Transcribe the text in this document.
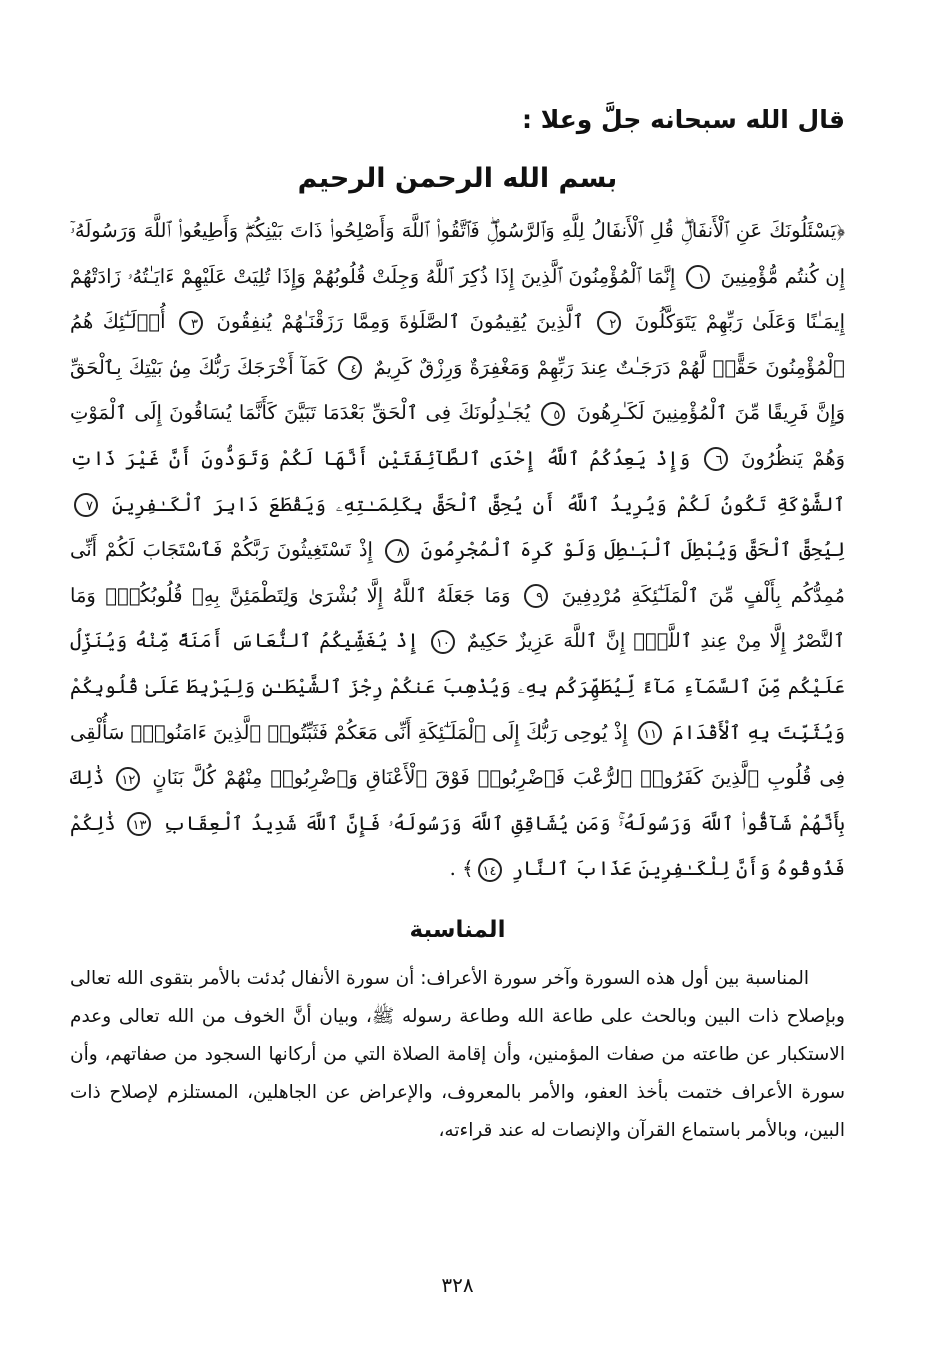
قال الله سبحانه جلَّ وعلا :

بسم الله الرحمن الرحيم

﴿يَسْئَلُونَكَ عَنِ ٱلْأَنفَالِۖ قُلِ ٱلْأَنفَالُ لِلَّهِ وَٱلرَّسُولِۖ فَٱتَّقُوا۟ ٱللَّهَ وَأَصْلِحُوا۟ ذَاتَ بَيْنِكُمْۖ وَأَطِيعُوا۟ ٱللَّهَ وَرَسُولَهُۥٓ إِن كُنتُم مُّؤْمِنِينَ ١ إِنَّمَا ٱلْمُؤْمِنُونَ ٱلَّذِينَ إِذَا ذُكِرَ ٱللَّهُ وَجِلَتْ قُلُوبُهُمْ وَإِذَا تُلِيَتْ عَلَيْهِمْ ءَايَـٰتُهُۥ زَادَتْهُمْ إِيمَـٰنًا وَعَلَىٰ رَبِّهِمْ يَتَوَكَّلُونَ ٢ ٱلَّذِينَ يُقِيمُونَ ٱلصَّلَوٰةَ وَمِمَّا رَزَقْنَـٰهُمْ يُنفِقُونَ ٣ أُو۟لَـٰٓئِكَ هُمُ ٱلْمُؤْمِنُونَ حَقًّاۚ لَّهُمْ دَرَجَـٰتٌ عِندَ رَبِّهِمْ وَمَغْفِرَةٌ وَرِزْقٌ كَرِيمٌ ٤ كَمَآ أَخْرَجَكَ رَبُّكَ مِنۢ بَيْتِكَ بِٱلْحَقِّ وَإِنَّ فَرِيقًا مِّنَ ٱلْمُؤْمِنِينَ لَكَـٰرِهُونَ ٥ يُجَـٰدِلُونَكَ فِى ٱلْحَقِّ بَعْدَمَا تَبَيَّنَ كَأَنَّمَا يُسَاقُونَ إِلَى ٱلْمَوْتِ وَهُمْ يَنظُرُونَ ٦ وَإِذْ يَعِدُكُمُ ٱللَّهُ إِحْدَى ٱلطَّآئِفَتَيْنِ أَنَّهَا لَكُمْ وَتَوَدُّونَ أَنَّ غَيْرَ ذَاتِ ٱلشَّوْكَةِ تَكُونُ لَكُمْ وَيُرِيدُ ٱللَّهُ أَن يُحِقَّ ٱلْحَقَّ بِكَلِمَـٰتِهِۦ وَيَقْطَعَ دَابِرَ ٱلْكَـٰفِرِينَ ٧ لِيُحِقَّ ٱلْحَقَّ وَيُبْطِلَ ٱلْبَـٰطِلَ وَلَوْ كَرِهَ ٱلْمُجْرِمُونَ ٨ إِذْ تَسْتَغِيثُونَ رَبَّكُمْ فَٱسْتَجَابَ لَكُمْ أَنِّى مُمِدُّكُم بِأَلْفٍ مِّنَ ٱلْمَلَـٰٓئِكَةِ مُرْدِفِينَ ٩ وَمَا جَعَلَهُ ٱللَّهُ إِلَّا بُشْرَىٰ وَلِتَطْمَئِنَّ بِهِۦ قُلُوبُكُمْۚ وَمَا ٱلنَّصْرُ إِلَّا مِنْ عِندِ ٱللَّهِۚ إِنَّ ٱللَّهَ عَزِيزٌ حَكِيمٌ ١٠ إِذْ يُغَشِّيكُمُ ٱلنُّعَاسَ أَمَنَةً مِّنْهُ وَيُنَزِّلُ عَلَيْكُم مِّنَ ٱلسَّمَآءِ مَآءً لِّيُطَهِّرَكُم بِهِۦ وَيُذْهِبَ عَنكُمْ رِجْزَ ٱلشَّيْطَـٰنِ وَلِيَرْبِطَ عَلَىٰ قُلُوبِكُمْ وَيُثَبِّتَ بِهِ ٱلْأَقْدَامَ ١١ إِذْ يُوحِى رَبُّكَ إِلَى ٱلْمَلَـٰٓئِكَةِ أَنِّى مَعَكُمْ فَثَبِّتُوا۟ ٱلَّذِينَ ءَامَنُوا۟ۚ سَأُلْقِى فِى قُلُوبِ ٱلَّذِينَ كَفَرُوا۟ ٱلرُّعْبَ فَٱضْرِبُوا۟ فَوْقَ ٱلْأَعْنَاقِ وَٱضْرِبُوا۟ مِنْهُمْ كُلَّ بَنَانٍ ١٢ ذَٰلِكَ بِأَنَّهُمْ شَآقُّوا۟ ٱللَّهَ وَرَسُولَهُۥۚ وَمَن يُشَاقِقِ ٱللَّهَ وَرَسُولَهُۥ فَإِنَّ ٱللَّهَ شَدِيدُ ٱلْعِقَابِ ١٣ ذَٰلِكُمْ فَذُوقُوهُ وَأَنَّ لِلْكَـٰفِرِينَ عَذَابَ ٱلنَّارِ ١٤﴾ .

المناسبة

المناسبة بين أول هذه السورة وآخر سورة الأعراف: أن سورة الأنفال بُدئت بالأمر بتقوى الله تعالى وبإصلاح ذات البين وبالحث على طاعة الله وطاعة رسوله ﷺ، وبيان أنَّ الخوف من الله تعالى وعدم الاستكبار عن طاعته من صفات المؤمنين، وأن إقامة الصلاة التي من أركانها السجود من صفاتهم، وأن سورة الأعراف ختمت بأخذ العفو، والأمر بالمعروف، والإعراض عن الجاهلين، المستلزم لإصلاح ذات البين، وبالأمر باستماع القرآن والإنصات له عند قراءته،

٣٢٨
